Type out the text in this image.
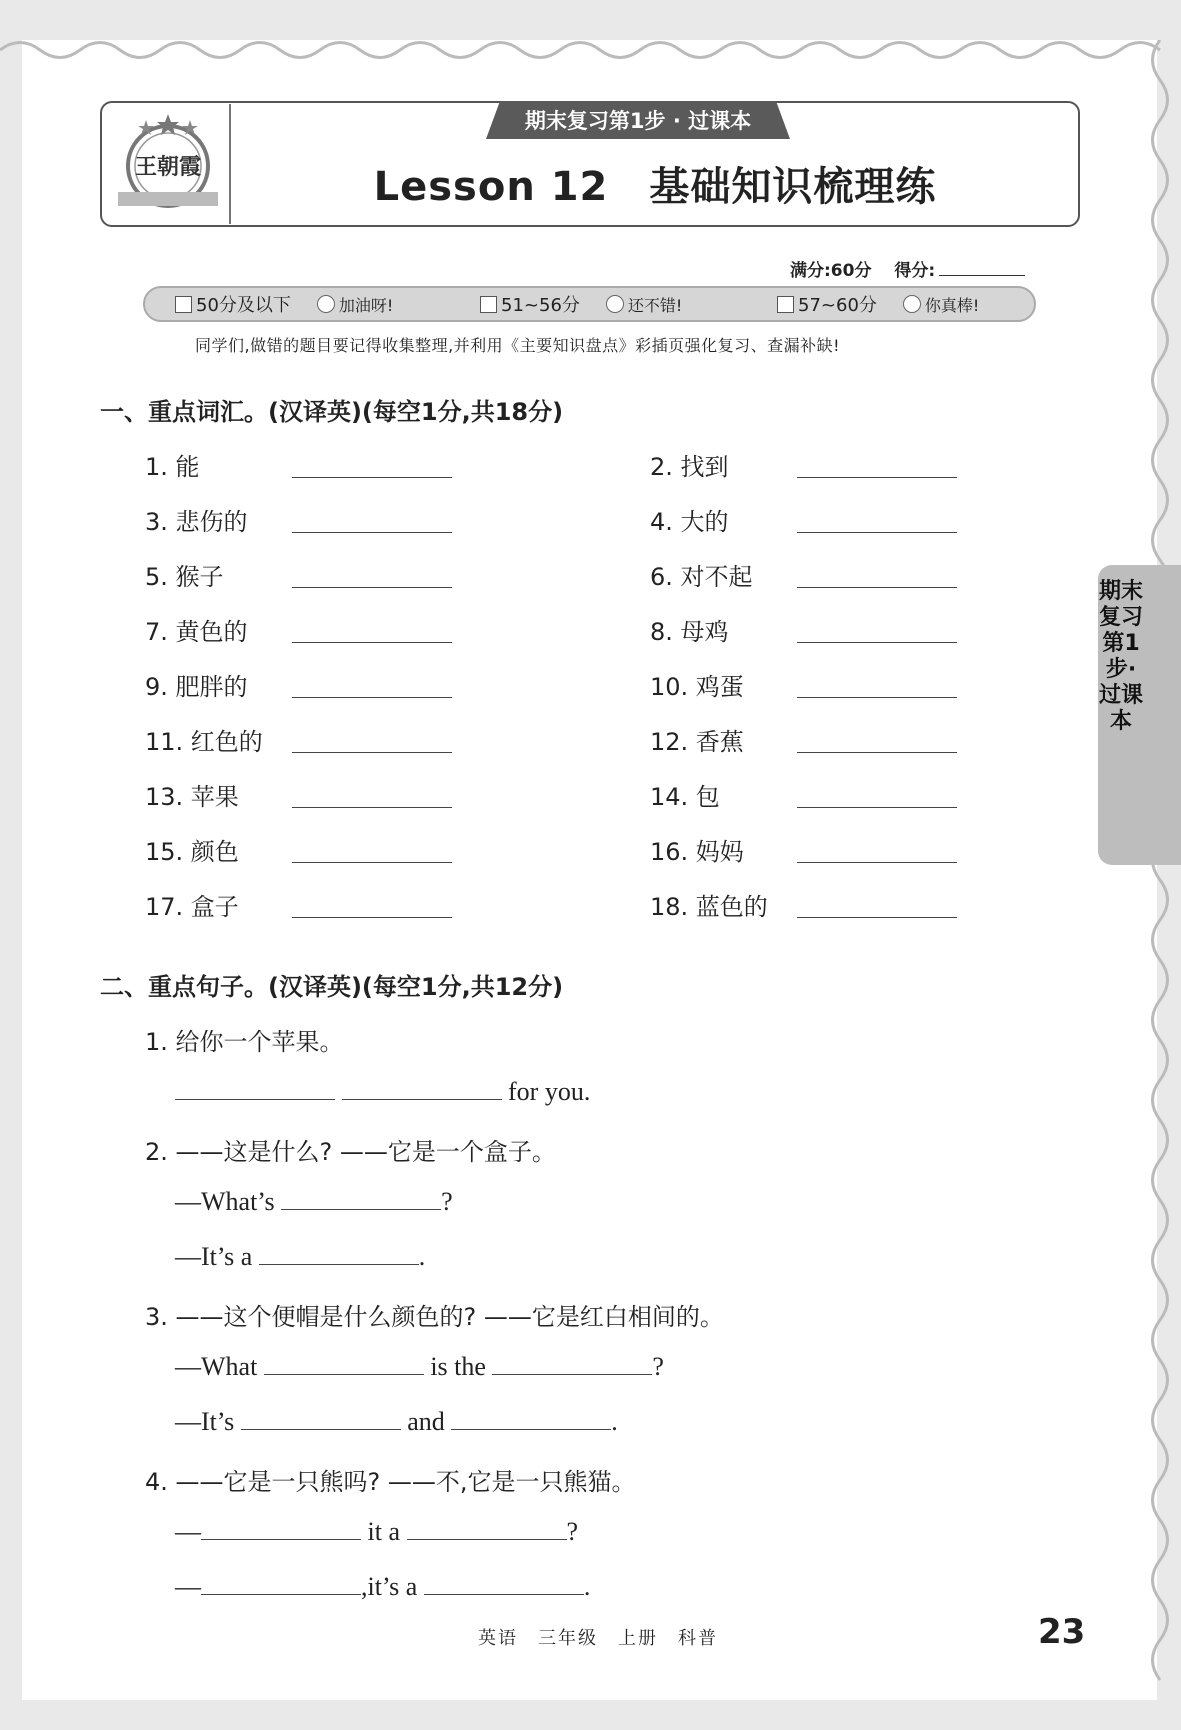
王朝霞
期末复习第1步 · 过课本
Lesson 12　基础知识梳理练
满分:60分　 得分:
50分及以下	加油呀!	51~56分	还不错!	57~60分	你真棒!
同学们,做错的题目要记得收集整理,并利用《主要知识盘点》彩插页强化复习、查漏补缺!
一、重点词汇。(汉译英)(每空1分,共18分)
1. 能	2. 找到
3. 悲伤的	4. 大的
5. 猴子	6. 对不起
7. 黄色的	8. 母鸡
9. 肥胖的	10. 鸡蛋
11. 红色的	12. 香蕉
13. 苹果	14. 包
15. 颜色	16. 妈妈
17. 盒子	18. 蓝色的
二、重点句子。(汉译英)(每空1分,共12分)
1. 给你一个苹果。
for you.
2. ——这是什么? ——它是一个盒子。
—What’s	?
—It’s a	.
3. ——这个便帽是什么颜色的? ——它是红白相间的。
—What	is the	?
—It’s	and	.
4. ——它是一只熊吗? ——不,它是一只熊猫。
—	it a	?
—	,it’s a	.
期末复习第1步·过课本
英语　三年级　上册　科普	23
